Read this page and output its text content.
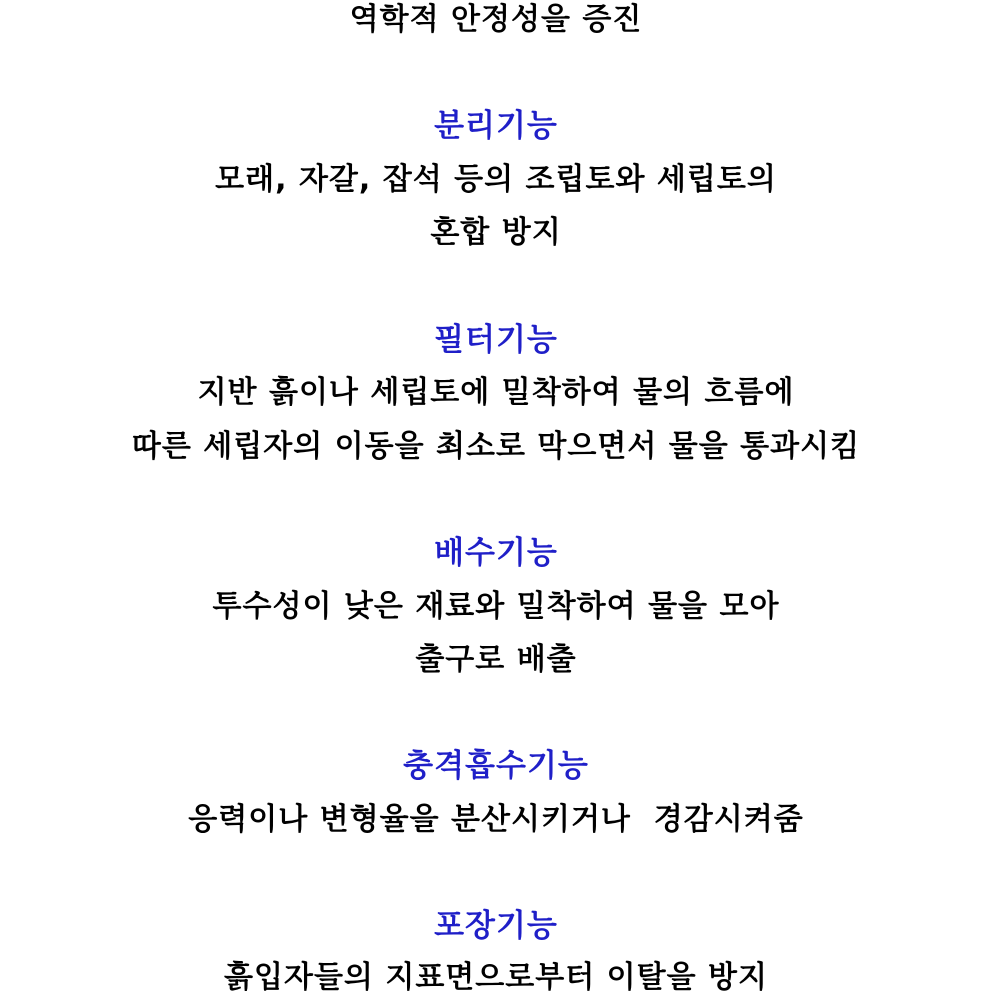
역학적 안정성을 증진
분리기능
모래, 자갈, 잡석 등의 조립토와 세립토의
혼합 방지
필터기능
지반 흙이나 세립토에 밀착하여 물의 흐름에
따른 세립자의 이동을 최소로 막으면서 물을 통과시킴
배수기능
투수성이 낮은 재료와 밀착하여 물을 모아
출구로 배출
충격흡수기능
응력이나 변형율을 분산시키거나  경감시켜줌
포장기능
흙입자들의 지표면으로부터 이탈을 방지
